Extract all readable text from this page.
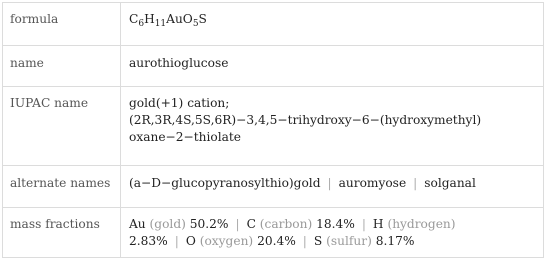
formula	$C_6H_{11}AuO_5S$
name	aurothioglucose
IUPAC name	gold(+1) cation;
(2R,3R,4S,5S,6R)−3,4,5−trihydroxy−6−(hydroxymethyl)
oxane−2−thiolate

alternate names	(a−D−glucopyranosylthio)gold | auromyose | solganal
mass fractions	Au (gold) 50.2% | C (carbon) 18.4% | H (hydrogen)
2.83% | O (oxygen) 20.4% | S (sulfur) 8.17%
